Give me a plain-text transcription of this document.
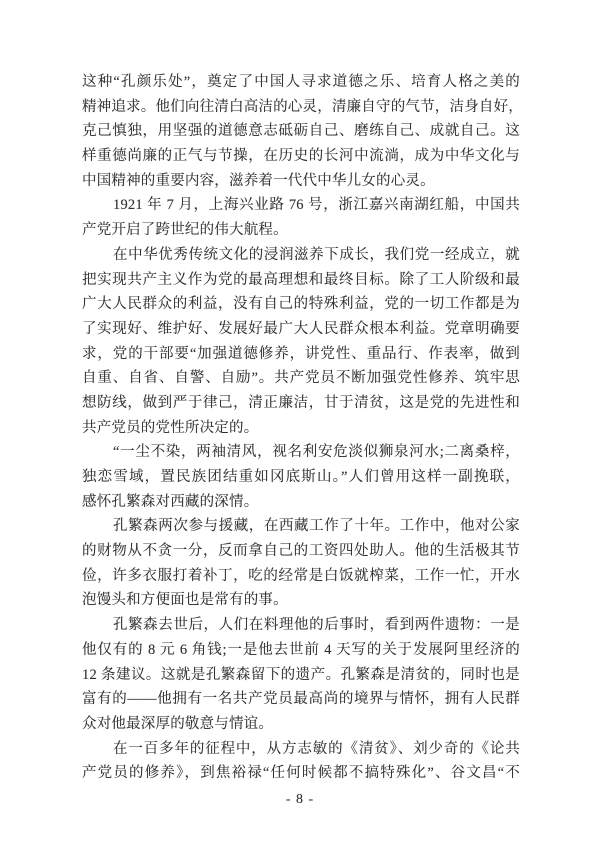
这种“孔颜乐处”，奠定了中国人寻求道德之乐、培育人格之美的
精神追求。他们向往清白高洁的心灵，清廉自守的气节，洁身自好，
克己慎独，用坚强的道德意志砥砺自己、磨练自己、成就自己。这
样重德尚廉的正气与节操，在历史的长河中流淌，成为中华文化与
中国精神的重要内容，滋养着一代代中华儿女的心灵。
1921 年 7 月，上海兴业路 76 号，浙江嘉兴南湖红船，中国共
产党开启了跨世纪的伟大航程。
在中华优秀传统文化的浸润滋养下成长，我们党一经成立，就
把实现共产主义作为党的最高理想和最终目标。除了工人阶级和最
广大人民群众的利益，没有自己的特殊利益，党的一切工作都是为
了实现好、维护好、发展好最广大人民群众根本利益。党章明确要
求，党的干部要“加强道德修养，讲党性、重品行、作表率，做到
自重、自省、自警、自励”。共产党员不断加强党性修养、筑牢思
想防线，做到严于律己，清正廉洁，甘于清贫，这是党的先进性和
共产党员的党性所决定的。
“一尘不染，两袖清风，视名利安危淡似狮泉河水;二离桑梓，
独恋雪域，置民族团结重如冈底斯山。”人们曾用这样一副挽联，
感怀孔繁森对西藏的深情。
孔繁森两次参与援藏，在西藏工作了十年。工作中，他对公家
的财物从不贪一分，反而拿自己的工资四处助人。他的生活极其节
俭，许多衣服打着补丁，吃的经常是白饭就榨菜，工作一忙，开水
泡馒头和方便面也是常有的事。
孔繁森去世后，人们在料理他的后事时，看到两件遗物：一是
他仅有的 8 元 6 角钱;一是他去世前 4 天写的关于发展阿里经济的
12 条建议。这就是孔繁森留下的遗产。孔繁森是清贫的，同时也是
富有的——他拥有一名共产党员最高尚的境界与情怀，拥有人民群
众对他最深厚的敬意与情谊。
在一百多年的征程中，从方志敏的《清贫》、刘少奇的《论共
产党员的修养》，到焦裕禄“任何时候都不搞特殊化”、谷文昌“不
- 8 -
